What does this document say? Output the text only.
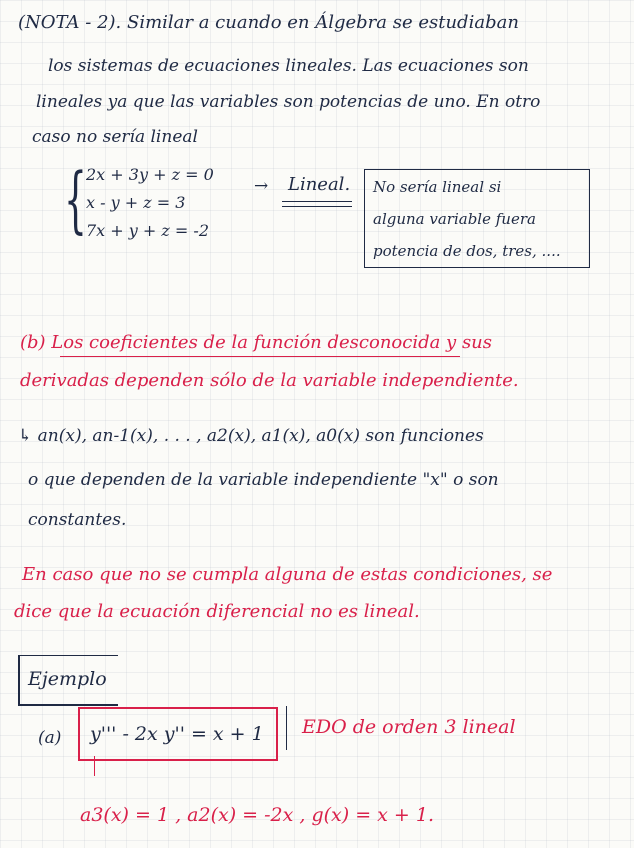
(NOTA - 2). Similar a cuando en Álgebra se estudiaban
los sistemas de ecuaciones lineales. Las ecuaciones son
lineales ya que las variables son potencias de uno. En otro
caso no sería lineal
{ 2x + 3y + z = 0
x - y + z = 3
7x + y + z = -2
→ Lineal. No sería lineal si
alguna variable fuera
potencia de dos, tres, ....
(b) Los coeficientes de la función desconocida y sus
derivadas dependen sólo de la variable independiente.
↳ an(x), an-1(x), . . . , a2(x), a1(x), a0(x) son funciones
o que dependen de la variable independiente "x" o son
constantes.
En caso que no se cumpla alguna de estas condiciones, se
dice que la ecuación diferencial no es lineal.
Ejemplo
(a) y''' - 2x y'' = x + 1 EDO de orden 3 lineal
a3(x) = 1 , a2(x) = -2x , g(x) = x + 1.
